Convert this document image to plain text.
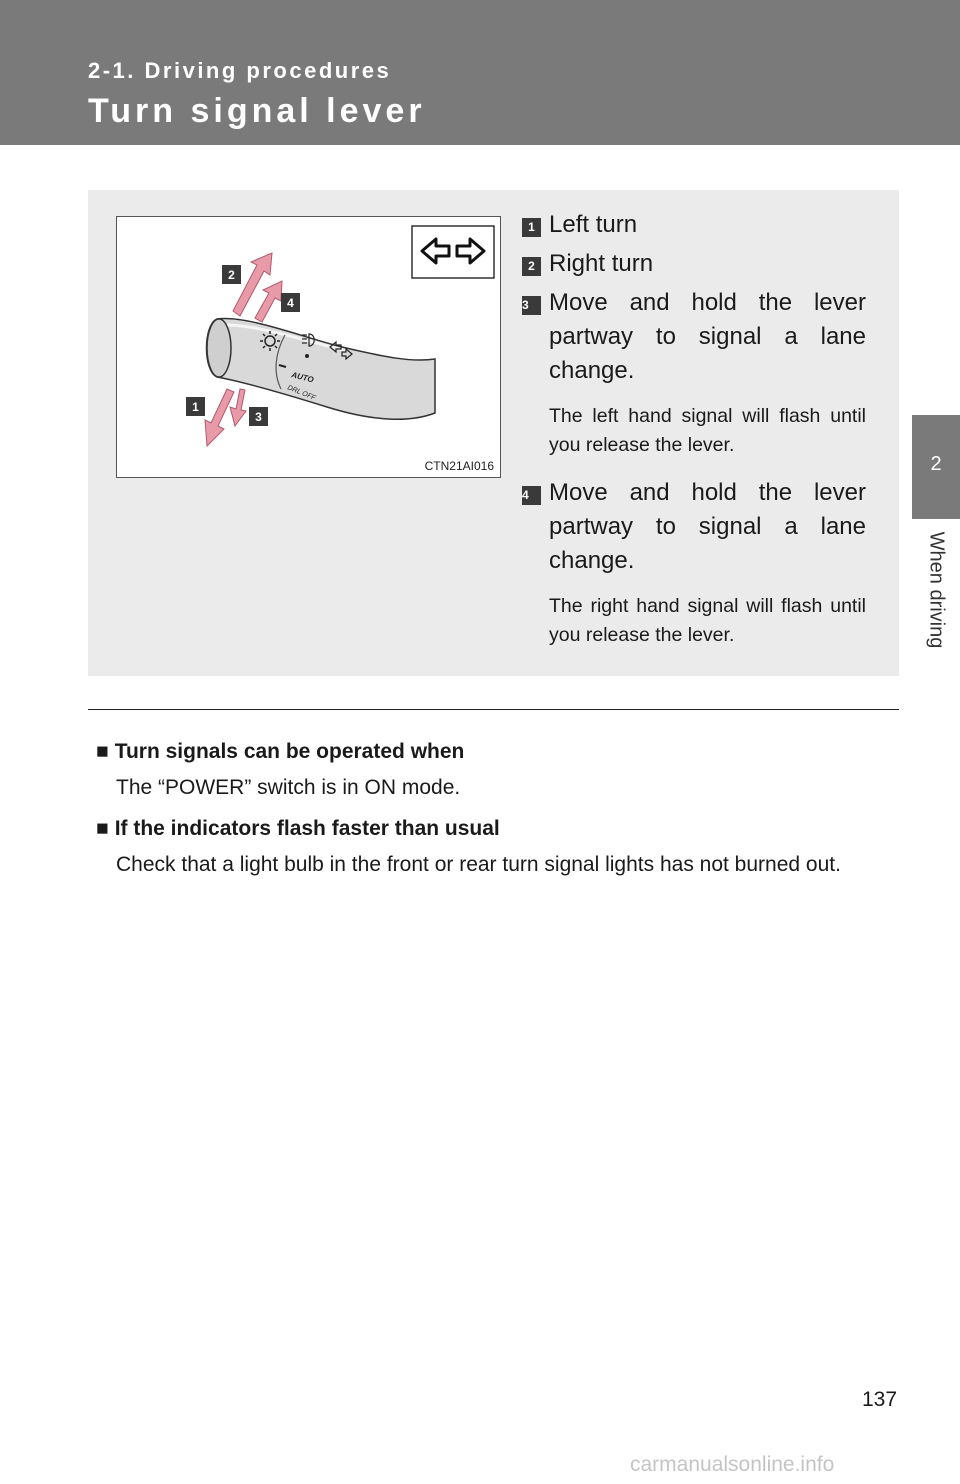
2-1. Driving procedures
Turn signal lever
2
When driving
AUTO
DRL OFF
2
4
1
3
CTN21AI016
1 Left turn
2 Right turn
3 Move and hold the lever partway to signal a lane change.
The left hand signal will flash until you release the lever.
4 Move and hold the lever partway to signal a lane change.
The right hand signal will flash until you release the lever.
■ Turn signals can be operated when
The “POWER” switch is in ON mode.
■ If the indicators flash faster than usual
Check that a light bulb in the front or rear turn signal lights has not burned out.
137
carmanualsonline.info
